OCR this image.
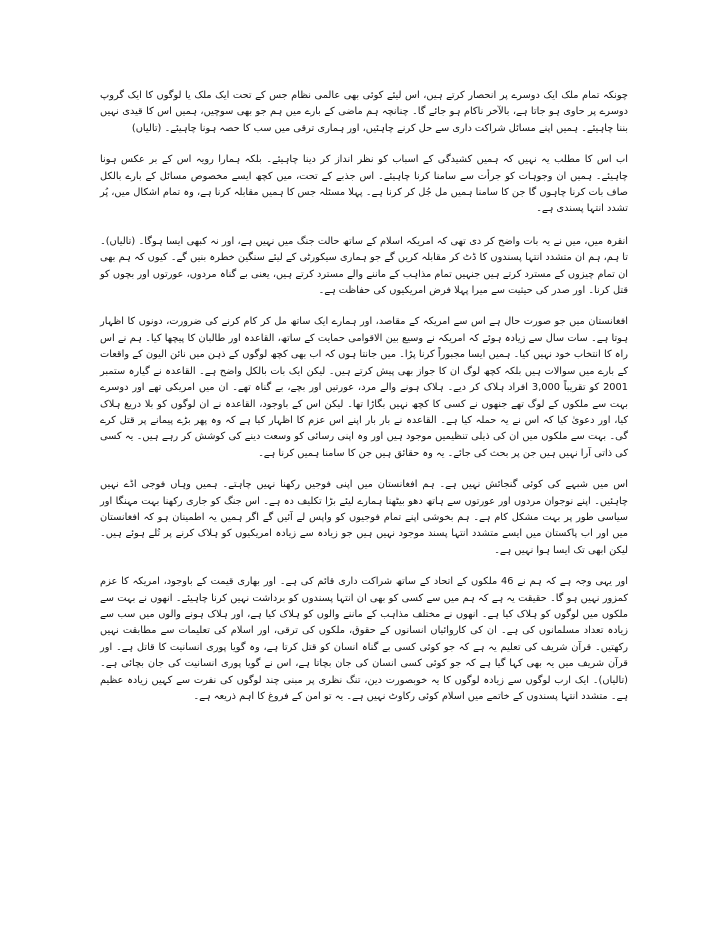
چونکہ تمام ملک ایک دوسرے پر انحصار کرتے ہیں، اس لیئے کوئی بھی عالمی نظام جس کے تحت ایک ملک یا لوگوں کا ایک گروپ دوسرے پر حاوی ہو جاتا ہے، بالآخر ناکام ہو جائے گا۔ چنانچہ ہم ماضی کے بارے میں ہم جو بھی سوچیں، ہمیں اس کا قیدی نہیں بننا چاہیئے۔ ہمیں اپنے مسائل شراکت داری سے حل کرنے چاہئیں، اور ہماری ترقی میں سب کا حصہ ہونا چاہیئے۔ (تالیاں)

اب اس کا مطلب یہ نہیں کہ ہمیں کشیدگی کے اسباب کو نظر انداز کر دینا چاہیئے۔ بلکہ ہمارا رویہ اس کے بر عکس ہونا چاہیئے۔ ہمیں ان وجوہات کو جرأت سے سامنا کرنا چاہیئے۔ اس جذبے کے تحت، میں کچھ ایسے مخصوص مسائل کے بارے بالکل صاف بات کرنا چاہوں گا جن کا سامنا ہمیں مل جُل کر کرنا ہے۔ پہلا مسئلہ جس کا ہمیں مقابلہ کرنا ہے، وہ تمام اشکال میں، پُر تشدد انتہا پسندی ہے۔

انقرہ میں، میں نے یہ بات واضح کر دی تھی کہ امریکہ اسلام کے ساتھ حالت جنگ میں نہیں ہے، اور نہ کبھی ایسا ہوگا۔ (تالیاں)۔ تا ہم، ہم ان متشدد انتہا پسندوں کا ڈٹ کر مقابلہ کریں گے جو ہماری سیکورٹی کے لیئے سنگین خطرہ بنیں گے۔ کیوں کہ ہم بھی ان تمام چیزوں کے مسترد کرتے ہیں جنہیں تمام مذاہب کے ماننے والے مسترد کرتے ہیں، یعنی بے گناہ مردوں، عورتوں اور بچوں کو قتل کرنا۔ اور صدر کی حیثیت سے میرا پہلا فرض امریکیوں کی حفاظت ہے۔

افغانستان میں جو صورت حال ہے اس سے امریکہ کے مقاصد، اور ہمارے ایک ساتھ مل کر کام کرنے کی ضرورت، دونوں کا اظہار ہوتا ہے۔ سات سال سے زیادہ ہوئے کہ امریکہ نے وسیع بین الاقوامی حمایت کے ساتھ، القاعدہ اور طالبان کا پیچھا کیا۔ ہم نے اس راہ کا انتخاب خود نہیں کیا۔ ہمیں ایسا مجبوراً کرنا پڑا۔ میں جانتا ہوں کہ اب بھی کچھ لوگوں کے ذہن میں نائن الیون کے واقعات کے بارے میں سوالات ہیں بلکہ کچھ لوگ ان کا جواز بھی پیش کرتے ہیں۔ لیکن ایک بات بالکل واضح ہے۔ القاعدہ نے گیارہ ستمبر 2001 کو تقریباً 3,000 افراد ہلاک کر دیے۔ ہلاک ہونے والے مرد، عورتیں اور بچے، بے گناہ تھے۔ ان میں امریکی تھے اور دوسرے بہت سے ملکوں کے لوگ تھے جنھوں نے کسی کا کچھ نہیں بگاڑا تھا۔ لیکن اس کے باوجود، القاعدہ نے ان لوگوں کو بلا دریغ ہلاک کیا، اور دعویٰ کیا کہ اس نے یہ حملہ کیا ہے۔ القاعدہ نے بار بار اپنے اس عزم کا اظہار کیا ہے کہ وہ پھر بڑے پیمانے پر قتل کرے گی۔ بہت سے ملکوں میں ان کی ذیلی تنظیمیں موجود ہیں اور وہ اپنی رسائی کو وسعت دینے کی کوشش کر رہے ہیں۔ یہ کسی کی ذاتی آرا نہیں ہیں جن پر بحث کی جائے۔ یہ وہ حقائق ہیں جن کا سامنا ہمیں کرنا ہے۔

اس میں شبہے کی کوئی گنجائش نہیں ہے۔ ہم افغانستان میں اپنی فوجیں رکھنا نہیں چاہتے۔ ہمیں وہاں فوجی اڈے نہیں چاہئیں۔ اپنے نوجوان مردوں اور عورتوں سے ہاتھ دھو بیٹھنا ہمارے لیئے بڑا تکلیف دہ ہے۔ اس جنگ کو جاری رکھنا بہت مہنگا اور سیاسی طور پر بہت مشکل کام ہے۔ ہم بخوشی اپنے تمام فوجیوں کو واپس لے آئیں گے اگر ہمیں یہ اطمینان ہو کہ افغانستان میں اور اب پاکستان میں ایسے متشدد انتہا پسند موجود نہیں ہیں جو زیادہ سے زیادہ امریکیوں کو ہلاک کرنے پر تُلے ہوئے ہیں۔ لیکن ابھی تک ایسا ہوا نہیں ہے۔

اور یہی وجہ ہے کہ ہم نے 46 ملکوں کے اتحاد کے ساتھ شراکت داری قائم کی ہے۔ اور بھاری قیمت کے باوجود، امریکہ کا عزم کمزور نہیں ہو گا۔ حقیقت یہ ہے کہ ہم میں سے کسی کو بھی ان انتہا پسندوں کو برداشت نہیں کرنا چاہیئے۔ انھوں نے بہت سے ملکوں میں لوگوں کو ہلاک کیا ہے۔ انھوں نے مختلف مذاہب کے ماننے والوں کو ہلاک کیا ہے، اور ہلاک ہونے والوں میں سب سے زیادہ تعداد مسلمانوں کی ہے۔ ان کی کاروائیاں انسانوں کے حقوق، ملکوں کی ترقی، اور اسلام کی تعلیمات سے مطابقت نہیں رکھتیں۔ قرآن شریف کی تعلیم یہ ہے کہ جو کوئی کسی بے گناہ انسان کو قتل کرتا ہے، وہ گویا پوری انسانیت کا قاتل ہے۔ اور قرآن شریف میں یہ بھی کہا گیا ہے کہ جو کوئی کسی انسان کی جان بچاتا ہے، اس نے گویا پوری انسانیت کی جان بچائی ہے۔ (تالیاں)۔ ایک ارب لوگوں سے زیادہ لوگوں کا یہ خوبصورت دین، تنگ نظری پر مبنی چند لوگوں کی نفرت سے کہیں زیادہ عظیم ہے۔ متشدد انتہا پسندوں کے خاتمے میں اسلام کوئی رکاوٹ نہیں ہے۔ یہ تو امن کے فروغ کا اہم ذریعہ ہے۔
